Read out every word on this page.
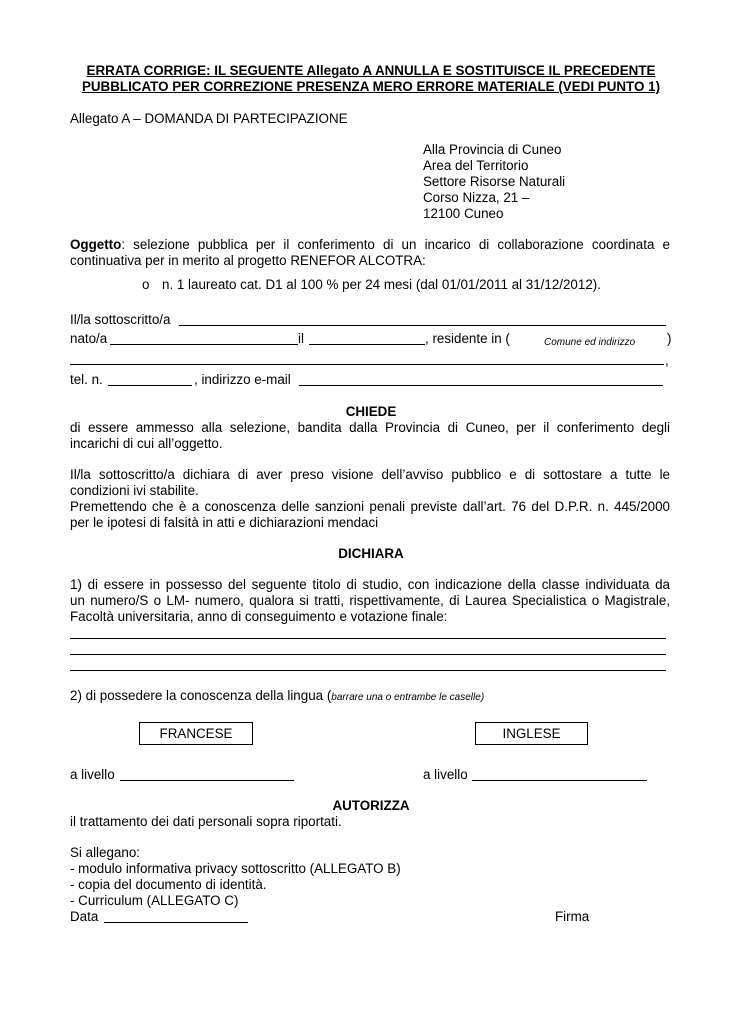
ERRATA CORRIGE: IL SEGUENTE Allegato A ANNULLA E SOSTITUISCE IL PRECEDENTE
PUBBLICATO PER CORREZIONE PRESENZA MERO ERRORE MATERIALE (VEDI PUNTO 1)
Allegato A – DOMANDA DI PARTECIPAZIONE
Alla Provincia di Cuneo
Area del Territorio
Settore Risorse Naturali
Corso Nizza, 21 –
12100 Cuneo
Oggetto: selezione pubblica per il conferimento di un incarico di collaborazione coordinata e
continuativa per in merito al progetto RENEFOR ALCOTRA:
o n. 1 laureato cat. D1 al 100 % per 24 mesi (dal 01/01/2011 al 31/12/2012).
Il/la sottoscritto/a
nato/a	il	, residente in (	Comune ed indirizzo )
,
tel. n.	, indirizzo e-mail
CHIEDE
di essere ammesso alla selezione, bandita dalla Provincia di Cuneo, per il conferimento degli
incarichi di cui all’oggetto.
Il/la sottoscritto/a dichiara di aver preso visione dell’avviso pubblico e di sottostare a tutte le
condizioni ivi stabilite.
Premettendo che è a conoscenza delle sanzioni penali previste dall’art. 76 del D.P.R. n. 445/2000
per le ipotesi di falsità in atti e dichiarazioni mendaci
DICHIARA
1) di essere in possesso del seguente titolo di studio, con indicazione della classe individuata da
un numero/S o LM- numero, qualora si tratti, rispettivamente, di Laurea Specialistica o Magistrale,
Facoltà universitaria, anno di conseguimento e votazione finale:
2) di possedere la conoscenza della lingua (barrare una o entrambe le caselle)
FRANCESE	INGLESE
a livello	a livello
AUTORIZZA
il trattamento dei dati personali sopra riportati.
Si allegano:
- modulo informativa privacy sottoscritto (ALLEGATO B)
- copia del documento di identità.
- Curriculum (ALLEGATO C)
Data	Firma
